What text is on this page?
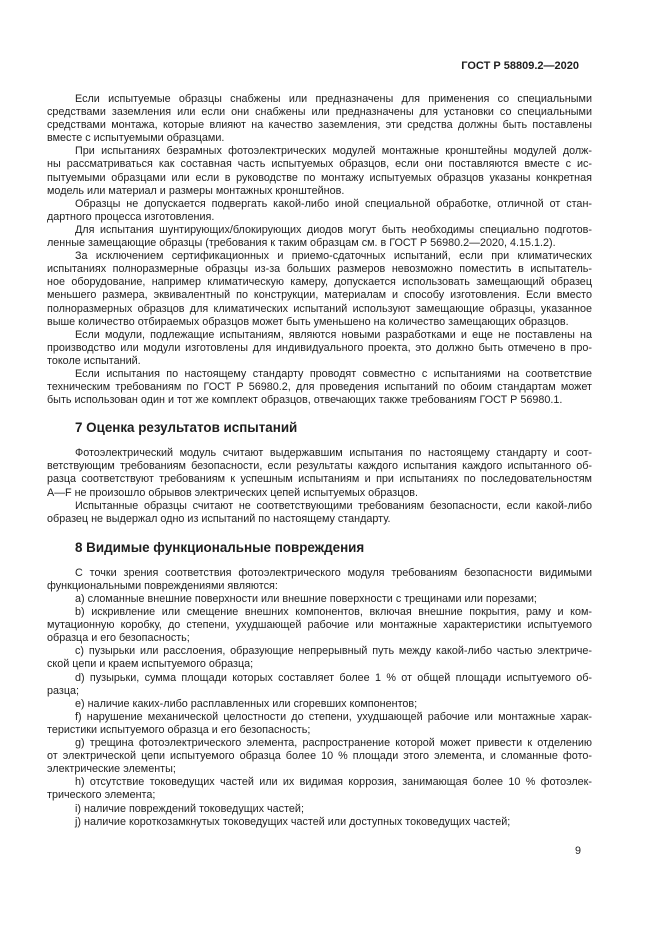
ГОСТ Р 58809.2—2020
Если испытуемые образцы снабжены или предназначены для применения со специальными
средствами заземления или если они снабжены или предназначены для установки со специальными
средствами монтажа, которые влияют на качество заземления, эти средства должны быть поставлены
вместе с испытуемыми образцами.
При испытаниях безрамных фотоэлектрических модулей монтажные кронштейны модулей долж-
ны рассматриваться как составная часть испытуемых образцов, если они поставляются вместе с ис-
пытуемыми образцами или если в руководстве по монтажу испытуемых образцов указаны конкретная
модель или материал и размеры монтажных кронштейнов.
Образцы не допускается подвергать какой-либо иной специальной обработке, отличной от стан-
дартного процесса изготовления.
Для испытания шунтирующих/блокирующих диодов могут быть необходимы специально подготов-
ленные замещающие образцы (требования к таким образцам см. в ГОСТ Р 56980.2—2020, 4.15.1.2).
За исключением сертификационных и приемо-сдаточных испытаний, если при климатических
испытаниях полноразмерные образцы из-за больших размеров невозможно поместить в испытатель-
ное оборудование, например климатическую камеру, допускается использовать замещающий образец
меньшего размера, эквивалентный по конструкции, материалам и способу изготовления. Если вместо
полноразмерных образцов для климатических испытаний используют замещающие образцы, указанное
выше количество отбираемых образцов может быть уменьшено на количество замещающих образцов.
Если модули, подлежащие испытаниям, являются новыми разработками и еще не поставлены на
производство или модули изготовлены для индивидуального проекта, это должно быть отмечено в про-
токоле испытаний.
Если испытания по настоящему стандарту проводят совместно с испытаниями на соответствие
техническим требованиям по ГОСТ Р 56980.2, для проведения испытаний по обоим стандартам может
быть использован один и тот же комплект образцов, отвечающих также требованиям ГОСТ Р 56980.1.
7 Оценка результатов испытаний
Фотоэлектрический модуль считают выдержавшим испытания по настоящему стандарту и соот-
ветствующим требованиям безопасности, если результаты каждого испытания каждого испытанного об-
разца соответствуют требованиям к успешным испытаниям и при испытаниях по последовательностям
A—F не произошло обрывов электрических цепей испытуемых образцов.
Испытанные образцы считают не соответствующими требованиям безопасности, если какой-либо
образец не выдержал одно из испытаний по настоящему стандарту.
8 Видимые функциональные повреждения
С точки зрения соответствия фотоэлектрического модуля требованиям безопасности видимыми
функциональными повреждениями являются:
a) сломанные внешние поверхности или внешние поверхности с трещинами или порезами;
b) искривление или смещение внешних компонентов, включая внешние покрытия, раму и ком-
мутационную коробку, до степени, ухудшающей рабочие или монтажные характеристики испытуемого
образца и его безопасность;
c) пузырьки или расслоения, образующие непрерывный путь между какой-либо частью электриче-
ской цепи и краем испытуемого образца;
d) пузырьки, сумма площади которых составляет более 1 % от общей площади испытуемого об-
разца;
e) наличие каких-либо расплавленных или сгоревших компонентов;
f) нарушение механической целостности до степени, ухудшающей рабочие или монтажные харак-
теристики испытуемого образца и его безопасность;
g) трещина фотоэлектрического элемента, распространение которой может привести к отделению
от электрической цепи испытуемого образца более 10 % площади этого элемента, и сломанные фото-
электрические элементы;
h) отсутствие токоведущих частей или их видимая коррозия, занимающая более 10 % фотоэлек-
трического элемента;
i) наличие повреждений токоведущих частей;
j) наличие короткозамкнутых токоведущих частей или доступных токоведущих частей;
9
